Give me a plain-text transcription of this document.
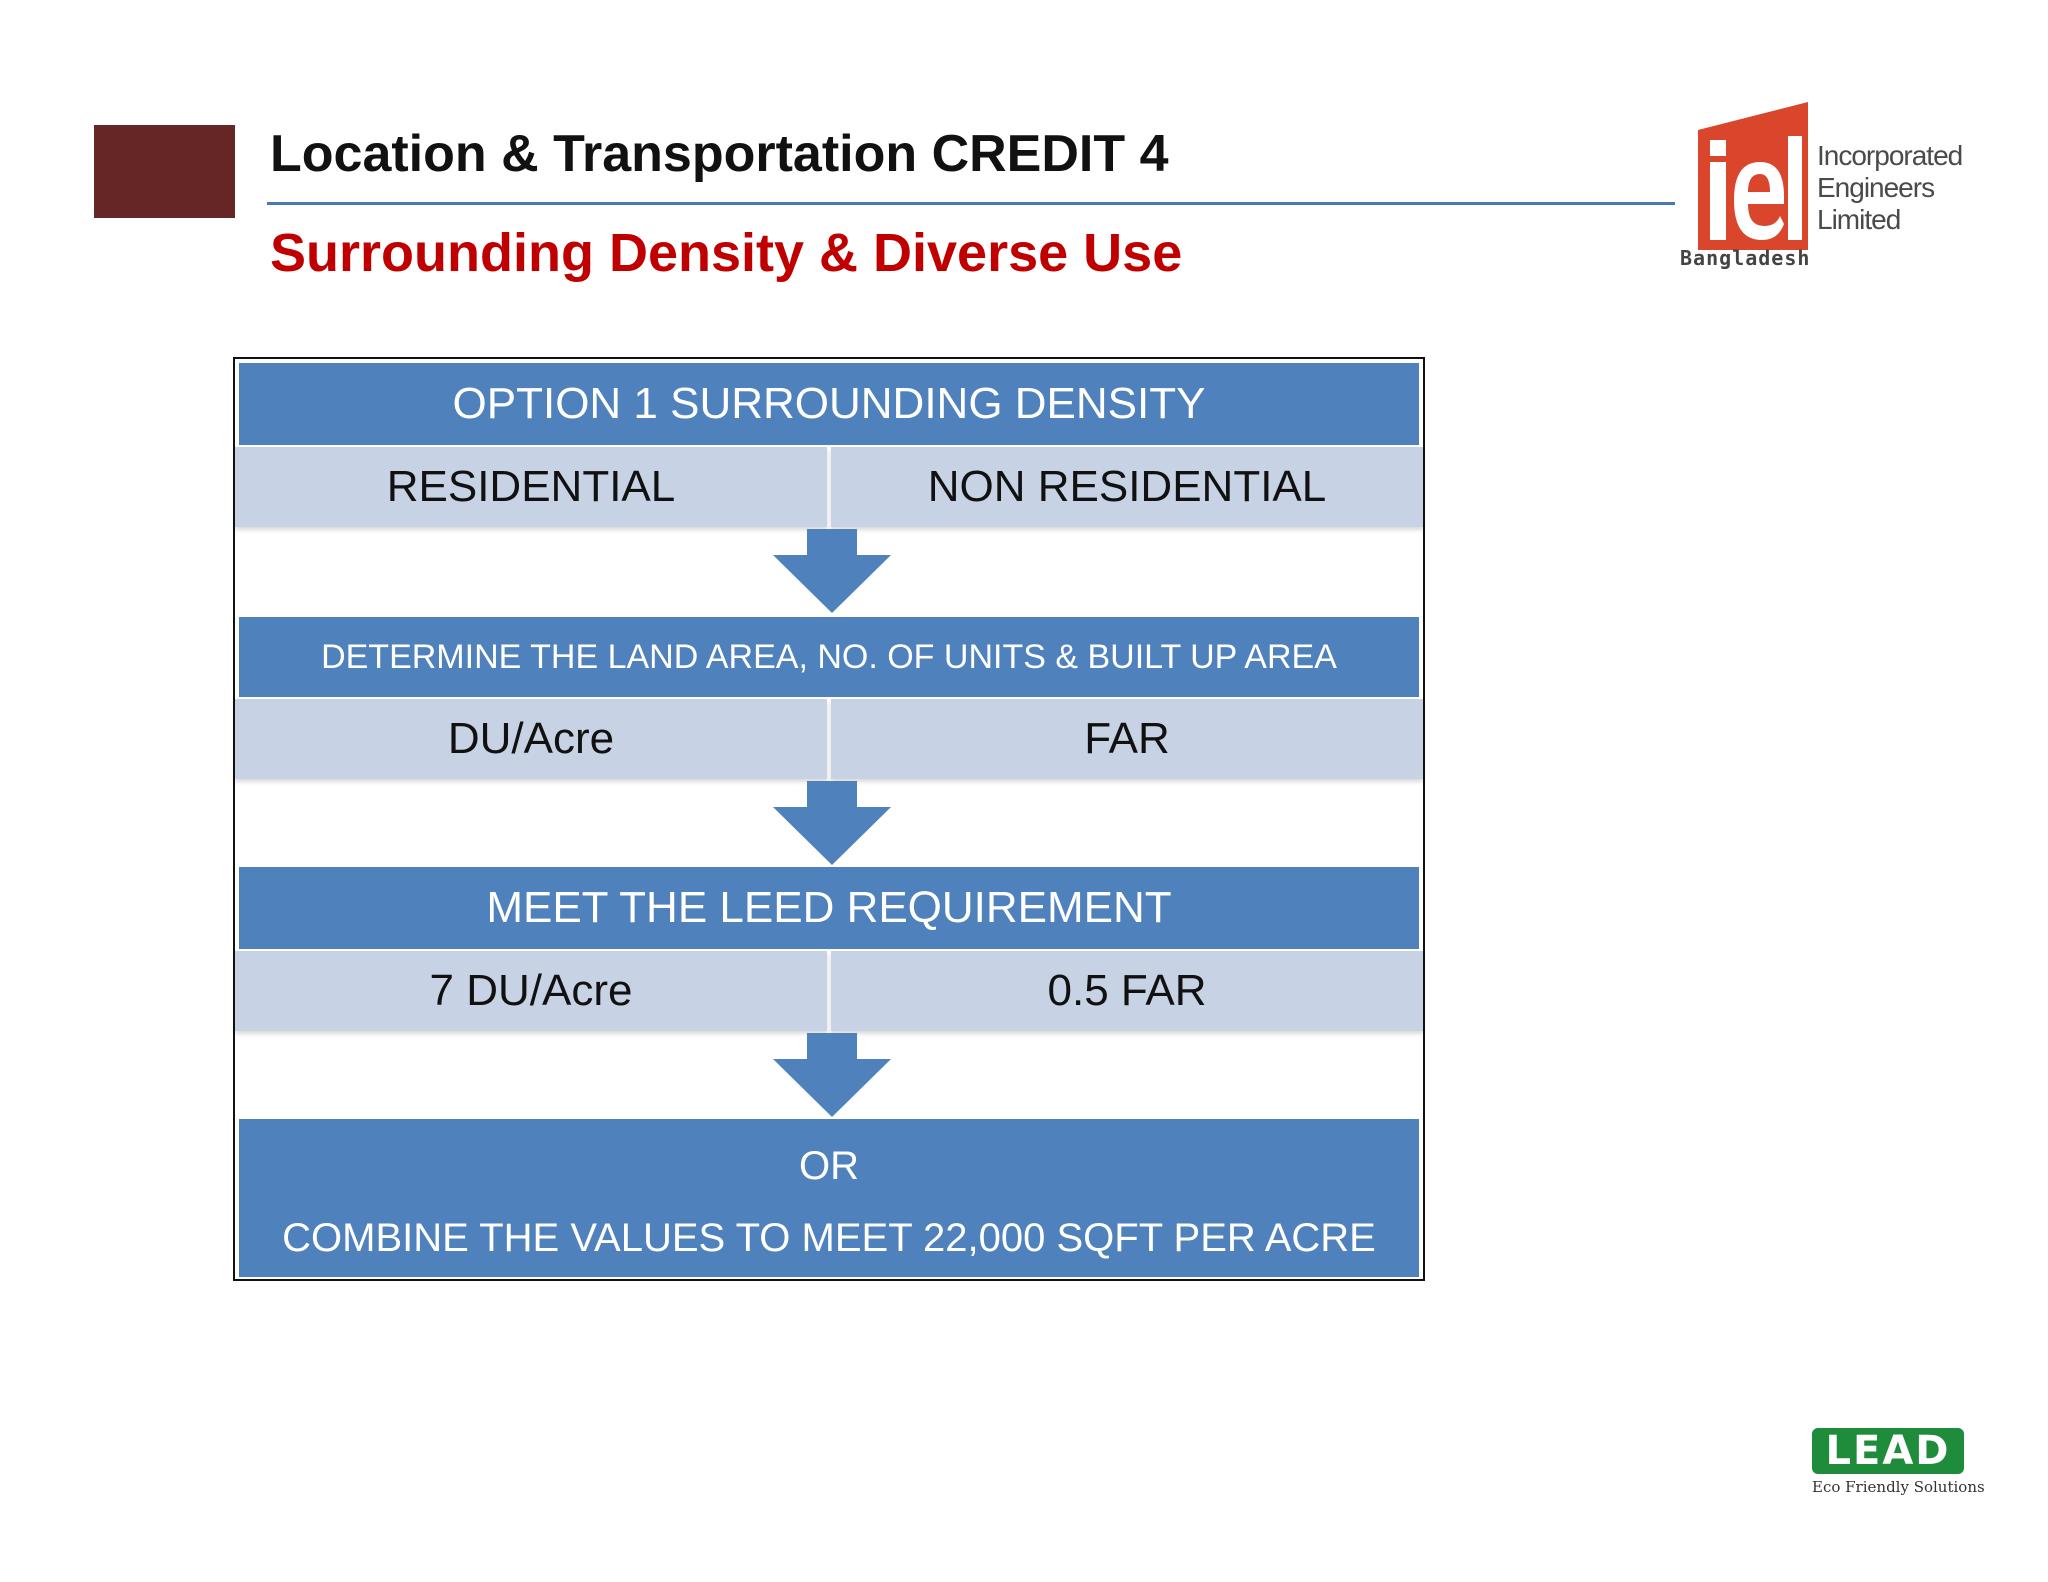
Location & Transportation CREDIT 4
Surrounding Density & Diverse Use
Incorporated
Engineers
Limited
Bangladesh
OPTION 1 SURROUNDING DENSITY
RESIDENTIAL	NON RESIDENTIAL
DETERMINE THE LAND AREA, NO. OF UNITS & BUILT UP AREA
DU/Acre	FAR
MEET THE LEED REQUIREMENT
7 DU/Acre	0.5 FAR
OR
COMBINE THE VALUES TO MEET 22,000 SQFT PER ACRE
LEAD
Eco Friendly Solutions
